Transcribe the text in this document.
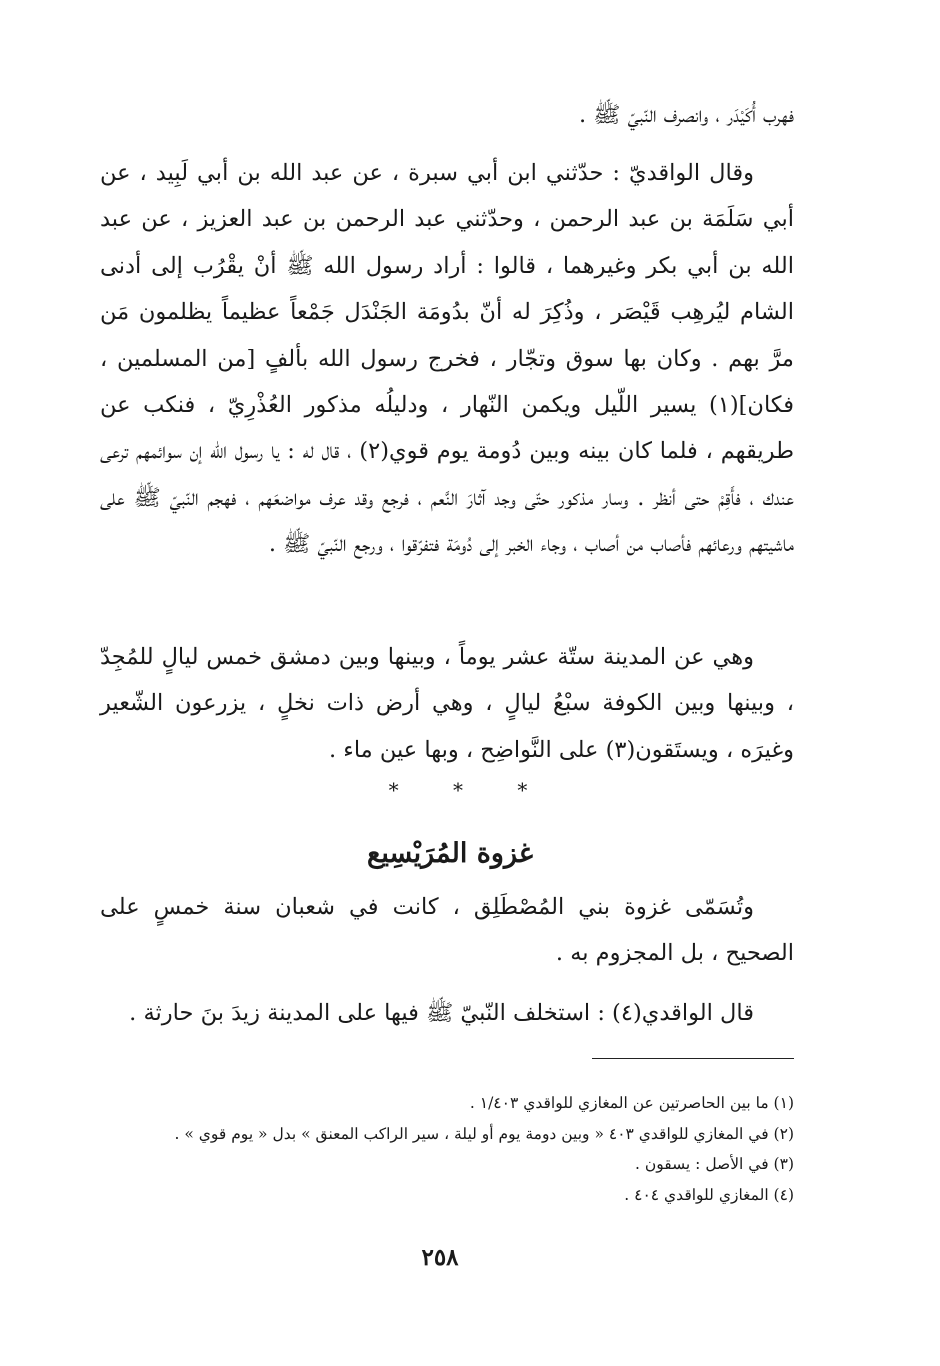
فهرب أُكَيْدَر ، وانصرف النّبيّ ﷺ .

وقال الواقديّ : حدّثني ابن أبي سبرة ، عن عبد الله بن أبي لَبِيد ، عن أبي سَلَمَة بن عبد الرحمن ، وحدّثني عبد الرحمن بن عبد العزيز ، عن عبد الله بن أبي بكر وغيرهما ، قالوا : أراد رسول الله ﷺ أنْ يقْرُب إلى أدنى الشام ليُرهِب قَيْصَر ، وذُكِرَ له أنّ بدُومَة الجَنْدَل جَمْعاً عظيماً يظلمون مَن مرَّ بهم . وكان بها سوق وتجّار ، فخرج رسول الله بألفٍ [من المسلمين ، فكان](١) يسير اللّيل ويكمن النّهار ، ودليلُه مذكور العُذْرِيّ ، فنكب عن طريقهم ، فلما كان بينه وبين دُومة يوم قوي(٢) ، قال له : يا رسول الله إن سوائمهم ترعى عندك ، فأَقِمْ حتى أنظر . وسار مذكور حتّى وجد آثارَ النَّعم ، فرجع وقد عرف مواضعَهم ، فهجم النّبيّ ﷺ على ماشيتهم ورعائهم فأصاب من أصاب ، وجاء الخبر إلى دُومَة فتفرّقوا ، ورجع النّبيّ ﷺ .

وهي عن المدينة ستّة عشر يوماً ، وبينها وبين دمشق خمس ليالٍ للمُجِدّ ، وبينها وبين الكوفة سبْعُ ليالٍ ، وهي أرض ذات نخلٍ ، يزرعون الشّعير وغيرَه ، ويستَقون(٣) على النَّواضِح ، وبها عين ماء .

* * *
غزوة المُرَيْسِيع

وتُسَمّى غزوة بني المُصْطَلِق ، كانت في شعبان سنة خمسٍ على الصحيح ، بل المجزوم به .

قال الواقدي(٤) : استخلف النّبيّ ﷺ فيها على المدينة زيدَ بنَ حارثة .

(١) ما بين الحاصرتين عن المغازي للواقدي ١/٤٠٣ .

(٢) في المغازي للواقدي ٤٠٣ « وبين دومة يوم أو ليلة ، سير الراكب المعنق » بدل « يوم قوي » .

(٣) في الأصل : يسقون .

(٤) المغازي للواقدي ٤٠٤ .

٢٥٨
